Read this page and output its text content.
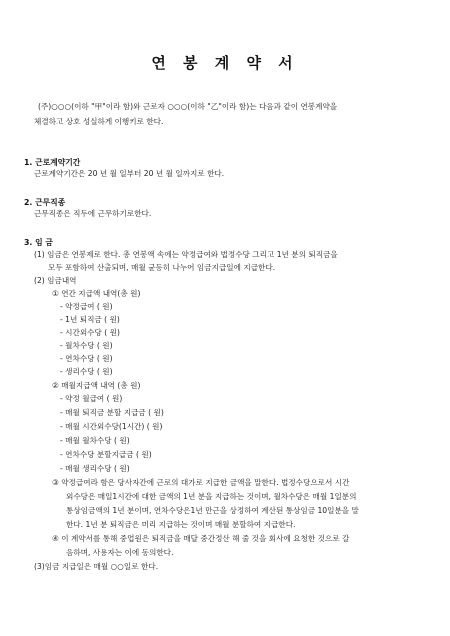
연 봉 계 약 서
(주)○○○(이하 "甲"이라 함)와 근로자 ○○○(이하 "乙"이라 함)는 다음과 같이 연봉계약을
체결하고 상호 성실하게 이행키로 한다.
1. 근로계약기간
근로계약기간은 20 년 월 일부터 20 년 월 일까지로 한다.
2. 근무직종
근무직종은 직두에 근무하기로한다.
3. 임 금
(1) 임금은 연봉제로 한다. 총 연봉액 속에는 약정급여와 법정수당 그리고 1년 분의 퇴직금을
모두 포함하여 산출되며, 매월 균등히 나누어 임금지급일에 지급한다.
(2) 임금내역
① 연간 지급액 내역(총 원)
- 약정급여 ( 원)
- 1년 퇴직금 ( 원)
- 시간외수당 ( 원)
- 월차수당 ( 원)
- 연차수당 ( 원)
- 생리수당 ( 원)
② 매월지급액 내역 (총 원)
- 약정 월급여 ( 원)
- 매월 퇴직금 분할 지급금 ( 원)
- 매월 시간외수당(1시간) ( 원)
- 매월 월차수당 ( 원)
- 연차수당 분할지급금 ( 원)
- 매월 생리수당 ( 원)
③ 약정급여라 함은 당사자간에 근로의 대가로 지급한 금액을 말한다. 법정수당으로서 시간
외수당은 매일1시간에 대한 금액의 1년 분을 지급하는 것이며, 월차수당은 매월 1일분의
통상임금액의 1년 분이며, 연차수당은1년 만근을 상정하여 계산된 통상임금 10일분을 말
한다. 1년 분 퇴직금은 미리 지급하는 것이며 매월 분할하여 지급한다.
④ 이 계약서를 통해 중업원은 퇴직금을 매달 중간정산 해 줄 것을 회사에 요청한 것으로 갈
음하며, 사용자는 이에 동의한다.
(3)임금 지급일은 매월 ○○일로 한다.
